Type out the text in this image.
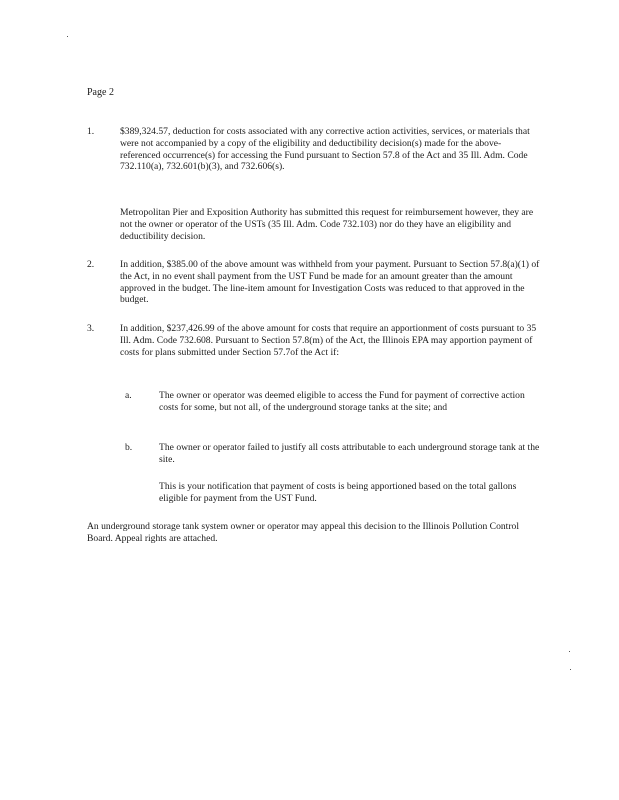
Page 2
1.	$389,324.57, deduction for costs associated with any corrective action activities, services, or materials that were not accompanied by a copy of the eligibility and deductibility decision(s) made for the above-referenced occurrence(s) for accessing the Fund pursuant to Section 57.8 of the Act and 35 Ill. Adm. Code 732.110(a), 732.601(b)(3), and 732.606(s).
Metropolitan Pier and Exposition Authority has submitted this request for reimbursement however, they are not the owner or operator of the USTs (35 Ill. Adm. Code 732.103) nor do they have an eligibility and deductibility decision.
2.	In addition, $385.00 of the above amount was withheld from your payment. Pursuant to Section 57.8(a)(1) of the Act, in no event shall payment from the UST Fund be made for an amount greater than the amount approved in the budget. The line-item amount for Investigation Costs was reduced to that approved in the budget.
3.	In addition, $237,426.99 of the above amount for costs that require an apportionment of costs pursuant to 35 Ill. Adm. Code 732.608. Pursuant to Section 57.8(m) of the Act, the Illinois EPA may apportion payment of costs for plans submitted under Section 57.7of the Act if:
a.	The owner or operator was deemed eligible to access the Fund for payment of corrective action costs for some, but not all, of the underground storage tanks at the site; and
b.	The owner or operator failed to justify all costs attributable to each underground storage tank at the site.
This is your notification that payment of costs is being apportioned based on the total gallons eligible for payment from the UST Fund.
An underground storage tank system owner or operator may appeal this decision to the Illinois Pollution Control Board. Appeal rights are attached.
